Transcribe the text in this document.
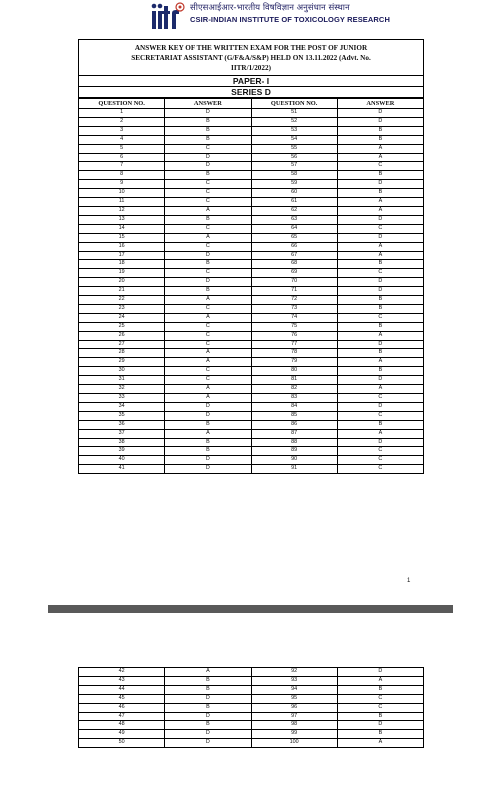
सीएसआईआर-भारतीय विषविज्ञान अनुसंधान संस्थान
CSIR-INDIAN INSTITUTE OF TOXICOLOGY RESEARCH
ANSWER KEY OF THE WRITTEN EXAM FOR THE POST OF JUNIOR
SECRETARIAT ASSISTANT (G/F&A/S&P) HELD ON 13.11.2022 (Advt. No.
IITR/1/2022)
PAPER- I
SERIES D
QUESTION NO.	ANSWER	QUESTION NO.	ANSWER
1	D	51	D
2	B	52	D
3	B	53	B
4	B	54	B
5	C	55	A
6	D	56	A
7	D	57	C
8	B	58	B
9	C	59	D
10	C	60	B
11	C	61	A
12	A	62	A
13	B	63	D
14	C	64	C
15	A	65	D
16	C	66	A
17	D	67	A
18	B	68	B
19	C	69	C
20	D	70	D
21	B	71	D
22	A	72	B
23	C	73	B
24	A	74	C
25	C	75	B
26	C	76	A
27	C	77	D
28	A	78	B
29	A	79	A
30	C	80	B
31	C	81	D
32	A	82	A
33	A	83	C
34	D	84	D
35	D	85	C
36	B	86	B
37	A	87	A
38	B	88	D
39	B	89	C
40	D	90	C
41	D	91	C
1
42	A	92	D
43	B	93	A
44	B	94	B
45	D	95	C
46	B	96	C
47	D	97	B
48	B	98	D
49	D	99	B
50	D	100	A
